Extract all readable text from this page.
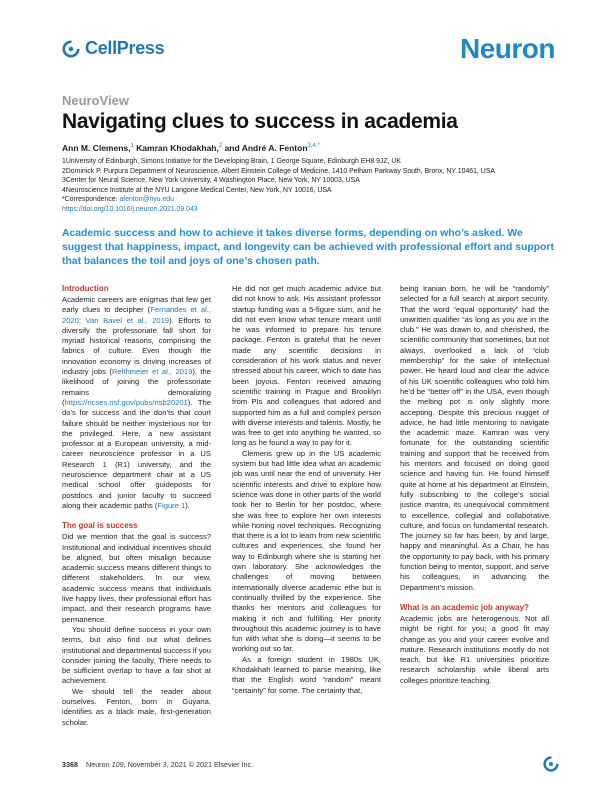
CellPress	Neuron
NeuroView
Navigating clues to success in academia
Ann M. Clemens,$^1$ Kamran Khodakhah,$^2$ and André A. Fenton$^{3,4,*}$
1University of Edinburgh, Simons Initiative for the Developing Brain, 1 George Square, Edinburgh EH8 9JZ, UK
2Dominick P. Purpura Department of Neuroscience, Albert Einstein College of Medicine, 1410 Pelham Parkway South, Bronx, NY 10461, USA
3Center for Neural Science, New York University, 4 Washington Place, New York, NY 10003, USA
4Neuroscience Institute at the NYU Langone Medical Center, New York, NY 10016, USA
*Correspondence: afenton@nyu.edu
https://doi.org/10.1016/j.neuron.2021.09.043

Academic success and how to achieve it takes diverse forms, depending on who’s asked. We suggest that happiness, impact, and longevity can be achieved with professional effort and support that balances the toil and joys of one’s chosen path.

Introduction

Academic careers are enigmas that few get early clues to decipher (Fernandes et al., 2020; Van Bavel et al., 2019). Efforts to diversify the professoriate fall short for myriad historical reasons, comprising the fabrics of culture. Even though the innovation economy is driving increases of industry jobs (Relthmeier et al., 2019), the likelihood of joining the professoriate remains demoralizing (https://ncses.nsf.gov/pubs/nsb20201). The do’s for success and the don’ts that court failure should be neither mysterious nor for the privileged. Here, a new assistant professor at a European university, a mid-career neuroscience professor in a US Research 1 (R1) university, and the neuroscience department chair at a US medical school offer guideposts for postdocs and junior faculty to succeed along their academic paths (Figure 1).

The goal is success

Did we mention that the goal is success? Institutional and individual incentives should be aligned, but often misalign because academic success means different things to different stakeholders. In our view, academic success means that individuals live happy lives, their professional effort has impact, and their research programs have permanence.

You should define success in your own terms, but also find out what defines institutional and departmental success if you consider joining the faculty. There needs to be sufficient overlap to have a fair shot at achievement.

We should tell the reader about ourselves. Fenton, born in Guyana, identifies as a black male, first-generation scholar.

He did not get much academic advice but did not know to ask. His assistant professor startup funding was a 5-figure sum, and he did not even know what tenure meant until he was informed to prepare his tenure package. Fenton is grateful that he never made any scientific decisions in consideration of his work status and never stressed about his career, which to date has been joyous. Fenton received amazing scientific training in Prague and Brooklyn from PIs and colleagues that adored and supported him as a full and complex person with diverse interests and talents. Mostly, he was free to get into anything he wanted, so long as he found a way to pay for it.

Clemens grew up in the US academic system but had little idea what an academic job was until near the end of university. Her scientific interests and drive to explore how science was done in other parts of the world took her to Berlin for her postdoc, where she was free to explore her own interests while honing novel techniques. Recognizing that there is a lot to learn from new scientific cultures and experiences, she found her way to Edinburgh where she is starting her own laboratory. She acknowledges the challenges of moving between internationally diverse academic ethe but is continually thrilled by the experience. She thanks her mentors and colleagues for making it rich and fulfilling. Her priority throughout this academic journey is to have fun with what she is doing—it seems to be working out so far.

As a foreign student in 1980s UK, Khodakhah learned to parse meaning, like that the English word “random” meant “certainty” for some. The certainty that,

being Iranian born, he will be “randomly” selected for a full search at airport security. That the word “equal opportunity” had the unwritten qualifier “as long as you are in the club.” He was drawn to, and cherished, the scientific community that sometimes, but not always, overlooked a lack of “club membership” for the sake of intellectual power. He heard loud and clear the advice of his UK scientific colleagues who told him he’d be “better off” in the USA, even though the melting pot is only slightly more accepting. Despite this precious nugget of advice, he had little mentoring to navigate the academic maze. Kamran was very fortunate for the outstanding scientific training and support that he received from his mentors and focused on doing good science and having fun. He found himself quite at home at his department at Einstein, fully subscribing to the college’s social justice mantra, its unequivocal commitment to excellence, collegial and collaborative culture, and focus on fundamental research. The journey so far has been, by and large, happy and meaningful. As a Chair, he has the opportunity to pay back, with his primary function being to mentor, support, and serve his colleagues, in advancing the Department’s mission.

What is an academic job anyway?

Academic jobs are heterogenous. Not all might be right for you; a good fit may change as you and your career evolve and mature. Research institutions mostly do not teach, but like R1 universities prioritize research scholarship while liberal arts colleges prioritize teaching.

3368 Neuron 109, November 3, 2021 © 2021 Elsevier Inc.
